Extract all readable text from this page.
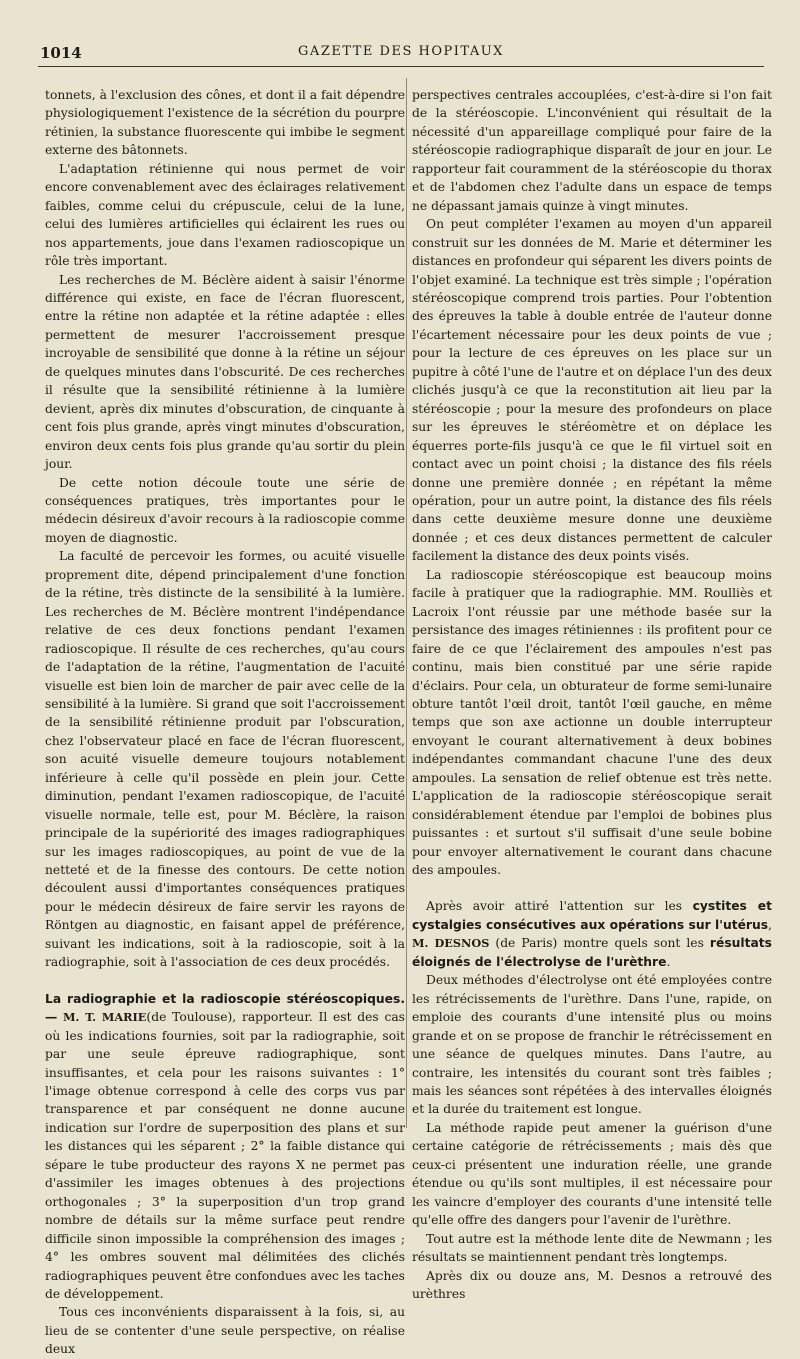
1014	GAZETTE DES HOPITAUX

tonnets, à l'exclusion des cônes, et dont il a fait dépendre physiologiquement l'existence de la sécrétion du pourpre rétinien, la substance fluorescente qui imbibe le segment externe des bâtonnets.

L'adaptation rétinienne qui nous permet de voir encore convenablement avec des éclairages relativement faibles, comme celui du crépuscule, celui de la lune, celui des lumières artificielles qui éclairent les rues ou nos appartements, joue dans l'examen radioscopique un rôle très important.

Les recherches de M. Béclère aident à saisir l'énorme différence qui existe, en face de l'écran fluorescent, entre la rétine non adaptée et la rétine adaptée : elles permettent de mesurer l'accroissement presque incroyable de sensibilité que donne à la rétine un séjour de quelques minutes dans l'obscurité. De ces recherches il résulte que la sensibilité rétinienne à la lumière devient, après dix minutes d'obscuration, de cinquante à cent fois plus grande, après vingt minutes d'obscuration, environ deux cents fois plus grande qu'au sortir du plein jour.

De cette notion découle toute une série de conséquences pratiques, très importantes pour le médecin désireux d'avoir recours à la radioscopie comme moyen de diagnostic.

La faculté de percevoir les formes, ou acuité visuelle proprement dite, dépend principalement d'une fonction de la rétine, très distincte de la sensibilité à la lumière. Les recherches de M. Béclère montrent l'indépendance relative de ces deux fonctions pendant l'examen radioscopique. Il résulte de ces recherches, qu'au cours de l'adaptation de la rétine, l'augmentation de l'acuité visuelle est bien loin de marcher de pair avec celle de la sensibilité à la lumière. Si grand que soit l'accroissement de la sensibilité rétinienne produit par l'obscuration, chez l'observateur placé en face de l'écran fluorescent, son acuité visuelle demeure toujours notablement inférieure à celle qu'il possède en plein jour. Cette diminution, pendant l'examen radioscopique, de l'acuité visuelle normale, telle est, pour M. Béclère, la raison principale de la supériorité des images radiographiques sur les images radioscopiques, au point de vue de la netteté et de la finesse des contours. De cette notion découlent aussi d'importantes conséquences pratiques pour le médecin désireux de faire servir les rayons de Röntgen au diagnostic, en faisant appel de préférence, suivant les indications, soit à la radioscopie, soit à la radiographie, soit à l'association de ces deux procédés.

La radiographie et la radioscopie stéréoscopiques. — M. T. MARIE(de Toulouse), rapporteur. Il est des cas où les indications fournies, soit par la radiographie, soit par une seule épreuve radiographique, sont insuffisantes, et cela pour les raisons suivantes : 1° l'image obtenue correspond à celle des corps vus par transparence et par conséquent ne donne aucune indication sur l'ordre de superposition des plans et sur les distances qui les séparent ; 2° la faible distance qui sépare le tube producteur des rayons X ne permet pas d'assimiler les images obtenues à des projections orthogonales ; 3° la superposition d'un trop grand nombre de détails sur la même surface peut rendre difficile sinon impossible la compréhension des images ; 4° les ombres souvent mal délimitées des clichés radiographiques peuvent être confondues avec les taches de développement.

Tous ces inconvénients disparaissent à la fois, si, au lieu de se contenter d'une seule perspective, on réalise deux

perspectives centrales accouplées, c'est-à-dire si l'on fait de la stéréoscopie. L'inconvénient qui résultait de la nécessité d'un appareillage compliqué pour faire de la stéréoscopie radiographique disparaît de jour en jour. Le rapporteur fait couramment de la stéréoscopie du thorax et de l'abdomen chez l'adulte dans un espace de temps ne dépassant jamais quinze à vingt minutes.

On peut compléter l'examen au moyen d'un appareil construit sur les données de M. Marie et déterminer les distances en profondeur qui séparent les divers points de l'objet examiné. La technique est très simple ; l'opération stéréoscopique comprend trois parties. Pour l'obtention des épreuves la table à double entrée de l'auteur donne l'écartement nécessaire pour les deux points de vue ; pour la lecture de ces épreuves on les place sur un pupitre à côté l'une de l'autre et on déplace l'un des deux clichés jusqu'à ce que la reconstitution ait lieu par la stéréoscopie ; pour la mesure des profondeurs on place sur les épreuves le stéréomètre et on déplace les équerres porte-fils jusqu'à ce que le fil virtuel soit en contact avec un point choisi ; la distance des fils réels donne une première donnée ; en répétant la même opération, pour un autre point, la distance des fils réels dans cette deuxième mesure donne une deuxième donnée ; et ces deux distances permettent de calculer facilement la distance des deux points visés.

La radioscopie stéréoscopique est beaucoup moins facile à pratiquer que la radiographie. MM. Roulliès et Lacroix l'ont réussie par une méthode basée sur la persistance des images rétiniennes : ils profitent pour ce faire de ce que l'éclairement des ampoules n'est pas continu, mais bien constitué par une série rapide d'éclairs. Pour cela, un obturateur de forme semi-lunaire obture tantôt l'œil droit, tantôt l'œil gauche, en même temps que son axe actionne un double interrupteur envoyant le courant alternativement à deux bobines indépendantes commandant chacune l'une des deux ampoules. La sensation de relief obtenue est très nette. L'application de la radioscopie stéréoscopique serait considérablement étendue par l'emploi de bobines plus puissantes : et surtout s'il suffisait d'une seule bobine pour envoyer alternativement le courant dans chacune des ampoules.

Après avoir attiré l'attention sur les cystites et cystalgies consécutives aux opérations sur l'utérus, M. DESNOS (de Paris) montre quels sont les résultats éloignés de l'électrolyse de l'urèthre.

Deux méthodes d'électrolyse ont été employées contre les rétrécissements de l'urèthre. Dans l'une, rapide, on emploie des courants d'une intensité plus ou moins grande et on se propose de franchir le rétrécissement en une séance de quelques minutes. Dans l'autre, au contraire, les intensités du courant sont très faibles ; mais les séances sont répétées à des intervalles éloignés et la durée du traitement est longue.

La méthode rapide peut amener la guérison d'une certaine catégorie de rétrécissements ; mais dès que ceux-ci présentent une induration réelle, une grande étendue ou qu'ils sont multiples, il est nécessaire pour les vaincre d'employer des courants d'une intensité telle qu'elle offre des dangers pour l'avenir de l'urèthre.

Tout autre est la méthode lente dite de Newmann ; les résultats se maintiennent pendant très longtemps.

Après dix ou douze ans, M. Desnos a retrouvé des urèthres
